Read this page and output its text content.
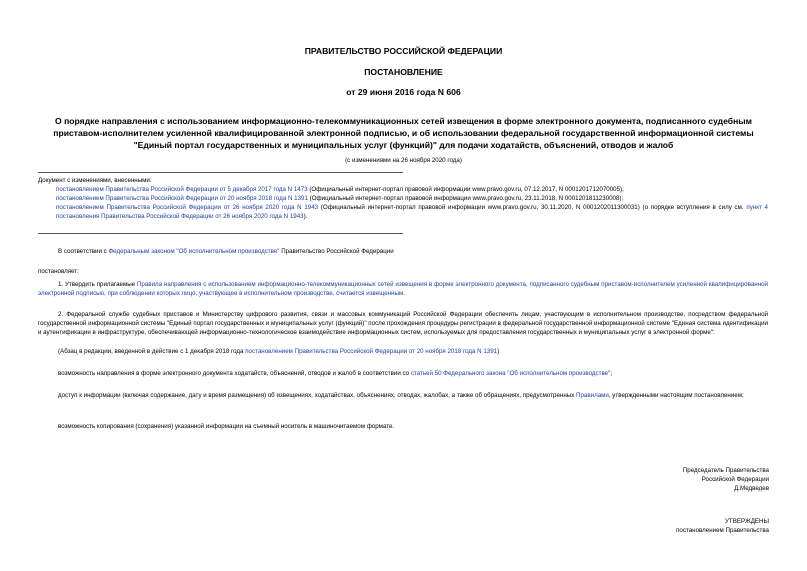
ПРАВИТЕЛЬСТВО РОССИЙСКОЙ ФЕДЕРАЦИИ
ПОСТАНОВЛЕНИЕ
от 29 июня 2016 года N 606
О порядке направления с использованием информационно-телекоммуникационных сетей извещения в форме электронного документа, подписанного судебным приставом-исполнителем усиленной квалифицированной электронной подписью, и об использовании федеральной государственной информационной системы "Единый портал государственных и муниципальных услуг (функций)" для подачи ходатайств, объяснений, отводов и жалоб
(с изменениями на 26 ноября 2020 года)
Документ с изменениями, внесенными:
постановлением Правительства Российской Федерации от 5 декабря 2017 года N 1473 (Официальный интернет-портал правовой информации www.pravo.gov.ru, 07.12.2017, N 0001201712070005);
постановлением Правительства Российской Федерации от 20 ноября 2018 года N 1391 (Официальный интернет-портал правовой информации www.pravo.gov.ru, 23.11.2018, N 0001201811230008);
постановлением Правительства Российской Федерации от 26 ноября 2020 года N 1943 (Официальный интернет-портал правовой информации www.pravo.gov.ru, 30.11.2020, N 0001202011300031) (о порядке вступления в силу см. пункт 4 постановления Правительства Российской Федерации от 26 ноября 2020 года N 1943).
В соответствии с Федеральным законом "Об исполнительном производстве" Правительство Российской Федерации
постановляет:
1. Утвердить прилагаемые Правила направления с использованием информационно-телекоммуникационных сетей извещения в форме электронного документа, подписанного судебным приставом-исполнителем усиленной квалифицированной электронной подписью, при соблюдении которых лицо, участвующее в исполнительном производстве, считается извещенным.
2. Федеральной службе судебных приставов и Министерству цифрового развития, связи и массовых коммуникаций Российской Федерации обеспечить лицам, участвующим в исполнительном производстве, посредством федеральной государственной информационной системы "Единый портал государственных и муниципальных услуг (функций)" после прохождения процедуры регистрации в федеральной государственной информационной системе "Единая система идентификации и аутентификации в инфраструктуре, обеспечивающей информационно-технологическое взаимодействие информационных систем, используемых для предоставления государственных и муниципальных услуг в электронной форме":
(Абзац в редакции, введенной в действие с 1 декабря 2018 года постановлением Правительства Российской Федерации от 20 ноября 2018 года N 1391)
возможность направления в форме электронного документа ходатайств, объяснений, отводов и жалоб в соответствии со статьей 50 Федерального закона "Об исполнительном производстве";
доступ к информации (включая содержание, дату и время размещения) об извещениях, ходатайствах, объяснениях, отводах, жалобах, а также об обращениях, предусмотренных Правилами, утвержденными настоящим постановлением;
возможность копирования (сохранения) указанной информации на съемный носитель в машиночитаемом формате.
Председатель Правительства
Российской Федерации
Д.Медведев
УТВЕРЖДЕНЫ
постановлением Правительства
